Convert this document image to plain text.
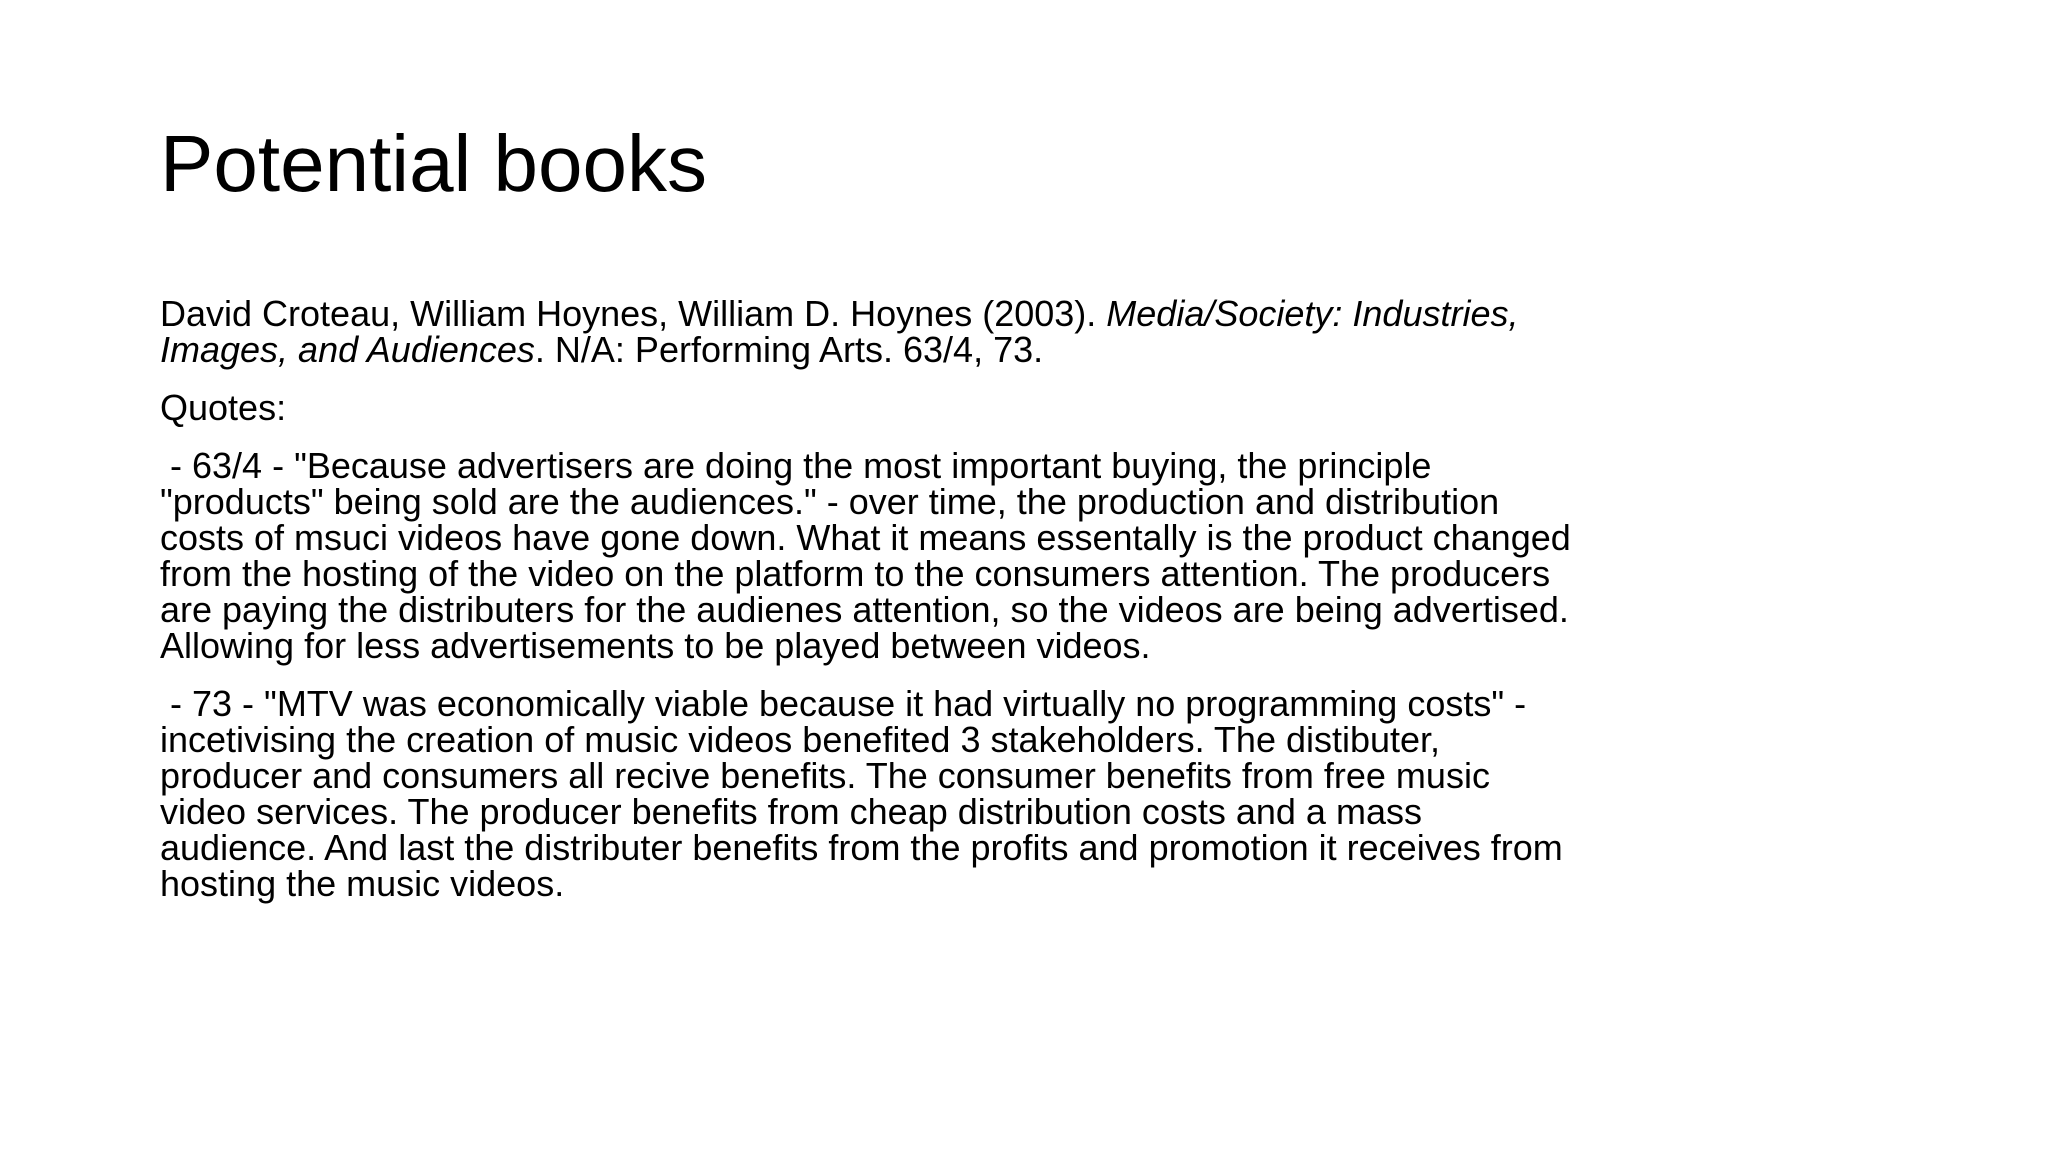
Potential books

David Croteau, William Hoynes, William D. Hoynes (2003). Media/Society: Industries, Images, and Audiences. N/A: Performing Arts. 63/4, 73.

Quotes:

- 63/4 - "Because advertisers are doing the most important buying, the principle "products" being sold are the audiences." - over time, the production and distribution costs of msuci videos have gone down. What it means essentally is the product changed from the hosting of the video on the platform to the consumers attention. The producers are paying the distributers for the audienes attention, so the videos are being advertised. Allowing for less advertisements to be played between videos.

- 73 - "MTV was economically viable because it had virtually no programming costs" - incetivising the creation of music videos benefited 3 stakeholders. The distibuter, producer and consumers all recive benefits. The consumer benefits from free music video services. The producer benefits from cheap distribution costs and a mass audience. And last the distributer benefits from the profits and promotion it receives from hosting the music videos.
